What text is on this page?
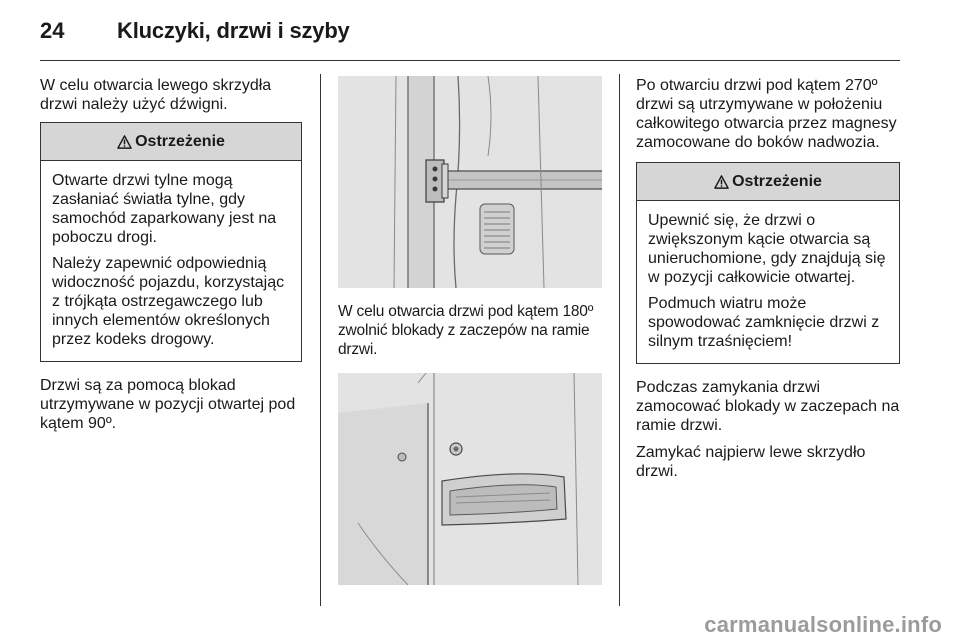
24 Kluczyki, drzwi i szyby

W celu otwarcia lewego skrzydła drzwi należy użyć dźwigni.

Ostrzeżenie

Otwarte drzwi tylne mogą zasłaniać światła tylne, gdy samochód zaparkowany jest na poboczu drogi.

Należy zapewnić odpowiednią widoczność pojazdu, korzystając z trójkąta ostrzegawczego lub innych elementów określonych przez kodeks drogowy.

Drzwi są za pomocą blokad utrzymywane w pozycji otwartej pod kątem 90º.

W celu otwarcia drzwi pod kątem 180º zwolnić blokady z zaczepów na ramie drzwi.

Po otwarciu drzwi pod kątem 270º drzwi są utrzymywane w położeniu całkowitego otwarcia przez magnesy zamocowane do boków nadwozia.

Ostrzeżenie

Upewnić się, że drzwi o zwiększonym kącie otwarcia są unieruchomione, gdy znajdują się w pozycji całkowicie otwartej.

Podmuch wiatru może spowodować zamknięcie drzwi z silnym trzaśnięciem!

Podczas zamykania drzwi zamocować blokady w zaczepach na ramie drzwi.

Zamykać najpierw lewe skrzydło drzwi.

carmanualsonline.info
